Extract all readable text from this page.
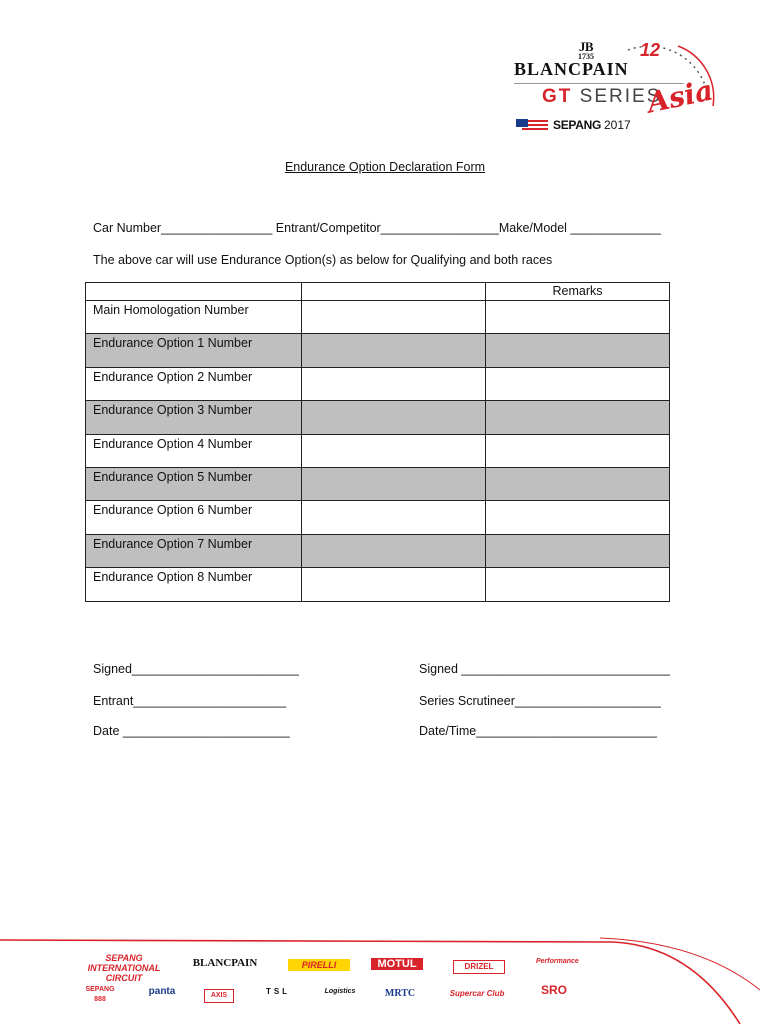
12
JB
1735
BLANCPAIN
GT SERIES
Asia
SEPANG 2017
Endurance Option Declaration Form
Car Number________________ Entrant/Competitor_________________Make/Model _____________
The above car will use Endurance Option(s) as below for Qualifying and both races
		Remarks
Main Homologation Number		
Endurance Option 1 Number		
Endurance Option 2 Number		
Endurance Option 3 Number		
Endurance Option 4 Number		
Endurance Option 5 Number		
Endurance Option 6 Number		
Endurance Option 7 Number		
Endurance Option 8 Number		
Signed________________________
Entrant______________________
Date ________________________
Signed ______________________________
Series Scrutineer_____________________
Date/Time__________________________
SEPANG INTERNATIONAL CIRCUIT
BLANCPAIN	PIRELLI	MOTUL	DRIZEL
Performance
SEPANG 888
panta	AXIS	TSL	Logistics	MRTC	Supercar Club	SRO
